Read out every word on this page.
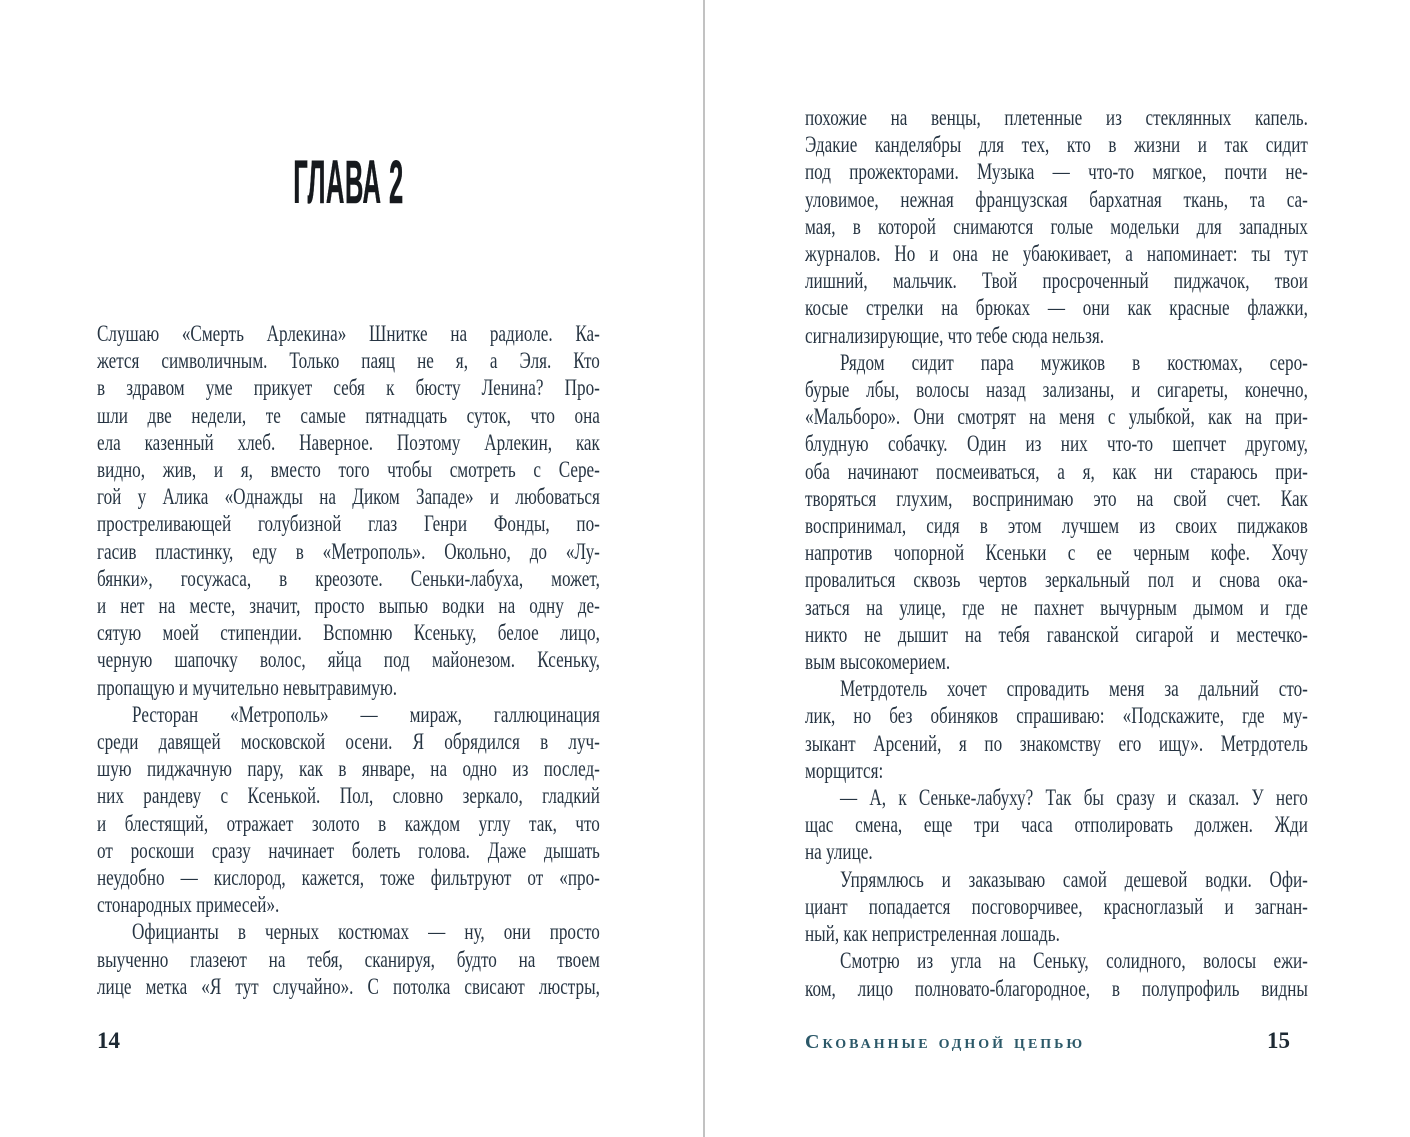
ГЛАВА 2
Слушаю «Смерть Арлекина» Шнитке на радиоле. Ка-
жется символичным. Только паяц не я, а Эля. Кто
в здравом уме прикует себя к бюсту Ленина? Про-
шли две недели, те самые пятнадцать суток, что она
ела казенный хлеб. Наверное. Поэтому Арлекин, как
видно, жив, и я, вместо того чтобы смотреть с Сере-
гой у Алика «Однажды на Диком Западе» и любоваться
простреливающей голубизной глаз Генри Фонды, по-
гасив пластинку, еду в «Метрополь». Окольно, до «Лу-
бянки», госужаса, в креозоте. Сеньки-лабуха, может,
и нет на месте, значит, просто выпью водки на одну де-
сятую моей стипендии. Вспомню Ксеньку, белое лицо,
черную шапочку волос, яйца под майонезом. Ксеньку,
пропащую и мучительно невытравимую.
Ресторан «Метрополь» — мираж, галлюцинация
среди давящей московской осени. Я обрядился в луч-
шую пиджачную пару, как в январе, на одно из послед-
них рандеву с Ксенькой. Пол, словно зеркало, гладкий
и блестящий, отражает золото в каждом углу так, что
от роскоши сразу начинает болеть голова. Даже дышать
неудобно — кислород, кажется, тоже фильтруют от «про-
стонародных примесей».
Официанты в черных костюмах — ну, они просто
выученно глазеют на тебя, сканируя, будто на твоем
лице метка «Я тут случайно». С потолка свисают люстры,
14
похожие на венцы, плетенные из стеклянных капель.
Эдакие канделябры для тех, кто в жизни и так сидит
под прожекторами. Музыка — что-то мягкое, почти не-
уловимое, нежная французская бархатная ткань, та са-
мая, в которой снимаются голые модельки для западных
журналов. Но и она не убаюкивает, а напоминает: ты тут
лишний, мальчик. Твой просроченный пиджачок, твои
косые стрелки на брюках — они как красные флажки,
сигнализирующие, что тебе сюда нельзя.
Рядом сидит пара мужиков в костюмах, серо-
бурые лбы, волосы назад зализаны, и сигареты, конечно,
«Мальборо». Они смотрят на меня с улыбкой, как на при-
блудную собачку. Один из них что-то шепчет другому,
оба начинают посмеиваться, а я, как ни стараюсь при-
творяться глухим, воспринимаю это на свой счет. Как
воспринимал, сидя в этом лучшем из своих пиджаков
напротив чопорной Ксеньки с ее черным кофе. Хочу
провалиться сквозь чертов зеркальный пол и снова ока-
заться на улице, где не пахнет вычурным дымом и где
никто не дышит на тебя гаванской сигарой и местечко-
вым высокомерием.
Метрдотель хочет спровадить меня за дальний сто-
лик, но без обиняков спрашиваю: «Подскажите, где му-
зыкант Арсений, я по знакомству его ищу». Метрдотель
морщится:
— А, к Сеньке-лабуху? Так бы сразу и сказал. У него
щас смена, еще три часа отполировать должен. Жди
на улице.
Упрямлюсь и заказываю самой дешевой водки. Офи-
циант попадается посговорчивее, красноглазый и загнан-
ный, как непристреленная лошадь.
Смотрю из угла на Сеньку, солидного, волосы ежи-
ком, лицо полновато-благородное, в полупрофиль видны
Скованные одной цепью	15
